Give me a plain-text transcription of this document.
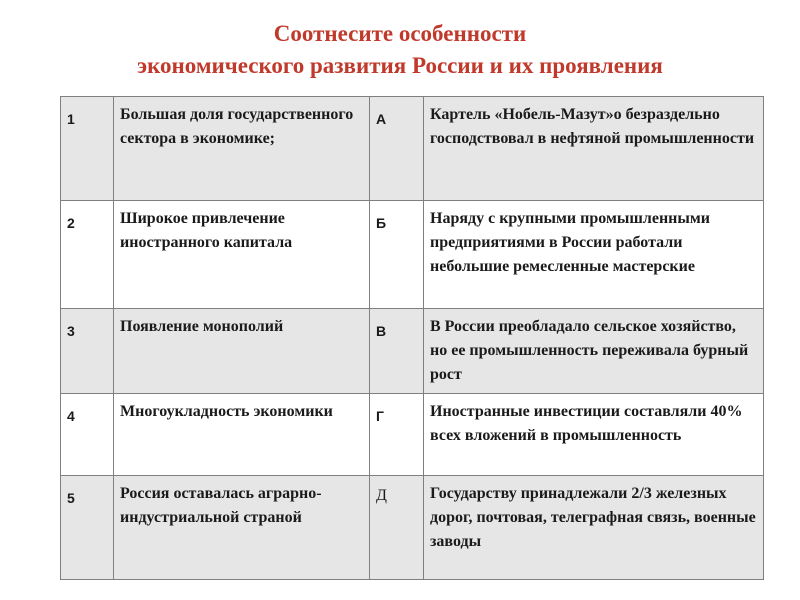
Соотнесите особенности
экономического развития России и их проявления
1	Большая доля государственного сектора в экономике;	А	Картель «Нобель-Мазут»о безраздельно господствовал в нефтяной промышленности
2	Широкое привлечение иностранного капитала	Б	Наряду с крупными промышленными предприятиями в России работали небольшие ремесленные мастерские
3	Появление монополий	В	В России преобладало сельское хозяйство, но ее промышленность переживала бурный рост
4	Многоукладность экономики	Г	Иностранные инвестиции составляли 40% всех вложений в промышленность
5	Россия оставалась аграрно-индустриальной страной	Д	Государству принадлежали 2/3 железных дорог, почтовая, телеграфная связь, военные заводы
